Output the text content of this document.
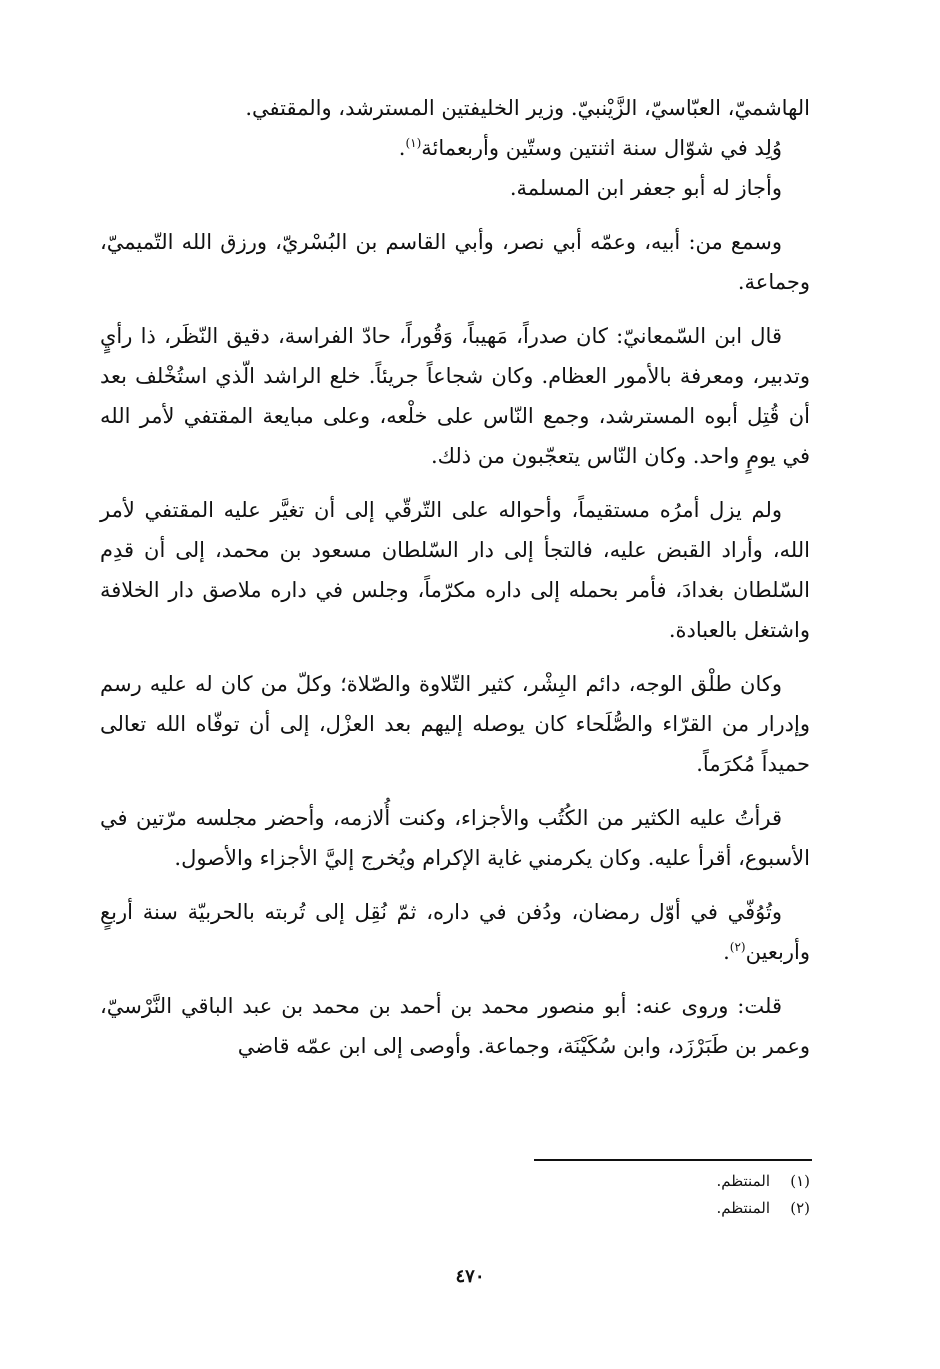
الهاشميّ، العبّاسيّ، الزَّيْنبيّ. وزير الخليفتين المسترشد، والمقتفي.

وُلِد في شوّال سنة اثنتين وستّين وأربعمائة$^{(١)}$.

وأجاز له أبو جعفر ابن المسلمة.

وسمع من: أبيه، وعمّه أبي نصر، وأبي القاسم بن البُسْريّ، ورزق الله التّميميّ، وجماعة.

قال ابن السّمعانيّ: كان صدراً، مَهيباً، وَقُوراً، حادّ الفراسة، دقيق النّظَر، ذا رأيٍ وتدبير، ومعرفة بالأمور العظام. وكان شجاعاً جريئاً. خلع الراشد الّذي استُخْلف بعد أن قُتِل أبوه المسترشد، وجمع النّاس على خلْعه، وعلى مبايعة المقتفي لأمر الله في يومٍ واحد. وكان النّاس يتعجّبون من ذلك.

ولم يزل أمرُه مستقيماً، وأحواله على التّرقّي إلى أن تغيَّر عليه المقتفي لأمر الله، وأراد القبض عليه، فالتجأ إلى دار السّلطان مسعود بن محمد، إلى أن قدِم السّلطان بغدادَ، فأمر بحمله إلى داره مكرّماً، وجلس في داره ملاصق دار الخلافة واشتغل بالعبادة.

وكان طلْق الوجه، دائم البِشْر، كثير التّلاوة والصّلاة؛ وكلّ من كان له عليه رسم وإدرار من القرّاء والصُّلَحاء كان يوصله إليهم بعد العزْل، إلى أن توفّاه الله تعالى حميداً مُكرَماً.

قرأتُ عليه الكثير من الكُتُب والأجزاء، وكنت أُلازمه، وأحضر مجلسه مرّتين في الأسبوع، أقرأ عليه. وكان يكرمني غاية الإكرام ويُخرج إليَّ الأجزاء والأصول.

وتُوُفّي في أوّل رمضان، ودُفن في داره، ثمّ نُقِل إلى تُربته بالحربيّة سنة أربعٍ وأربعين$^{(٢)}$.

قلت: وروى عنه: أبو منصور محمد بن أحمد بن محمد بن عبد الباقي النَّرْسيّ، وعمر بن طَبَرْزَد، وابن سُكَيْنَة، وجماعة. وأوصى إلى ابن عمّه قاضي

(١)
المنتظم.
(٢)
المنتظم.
٤٧٠
